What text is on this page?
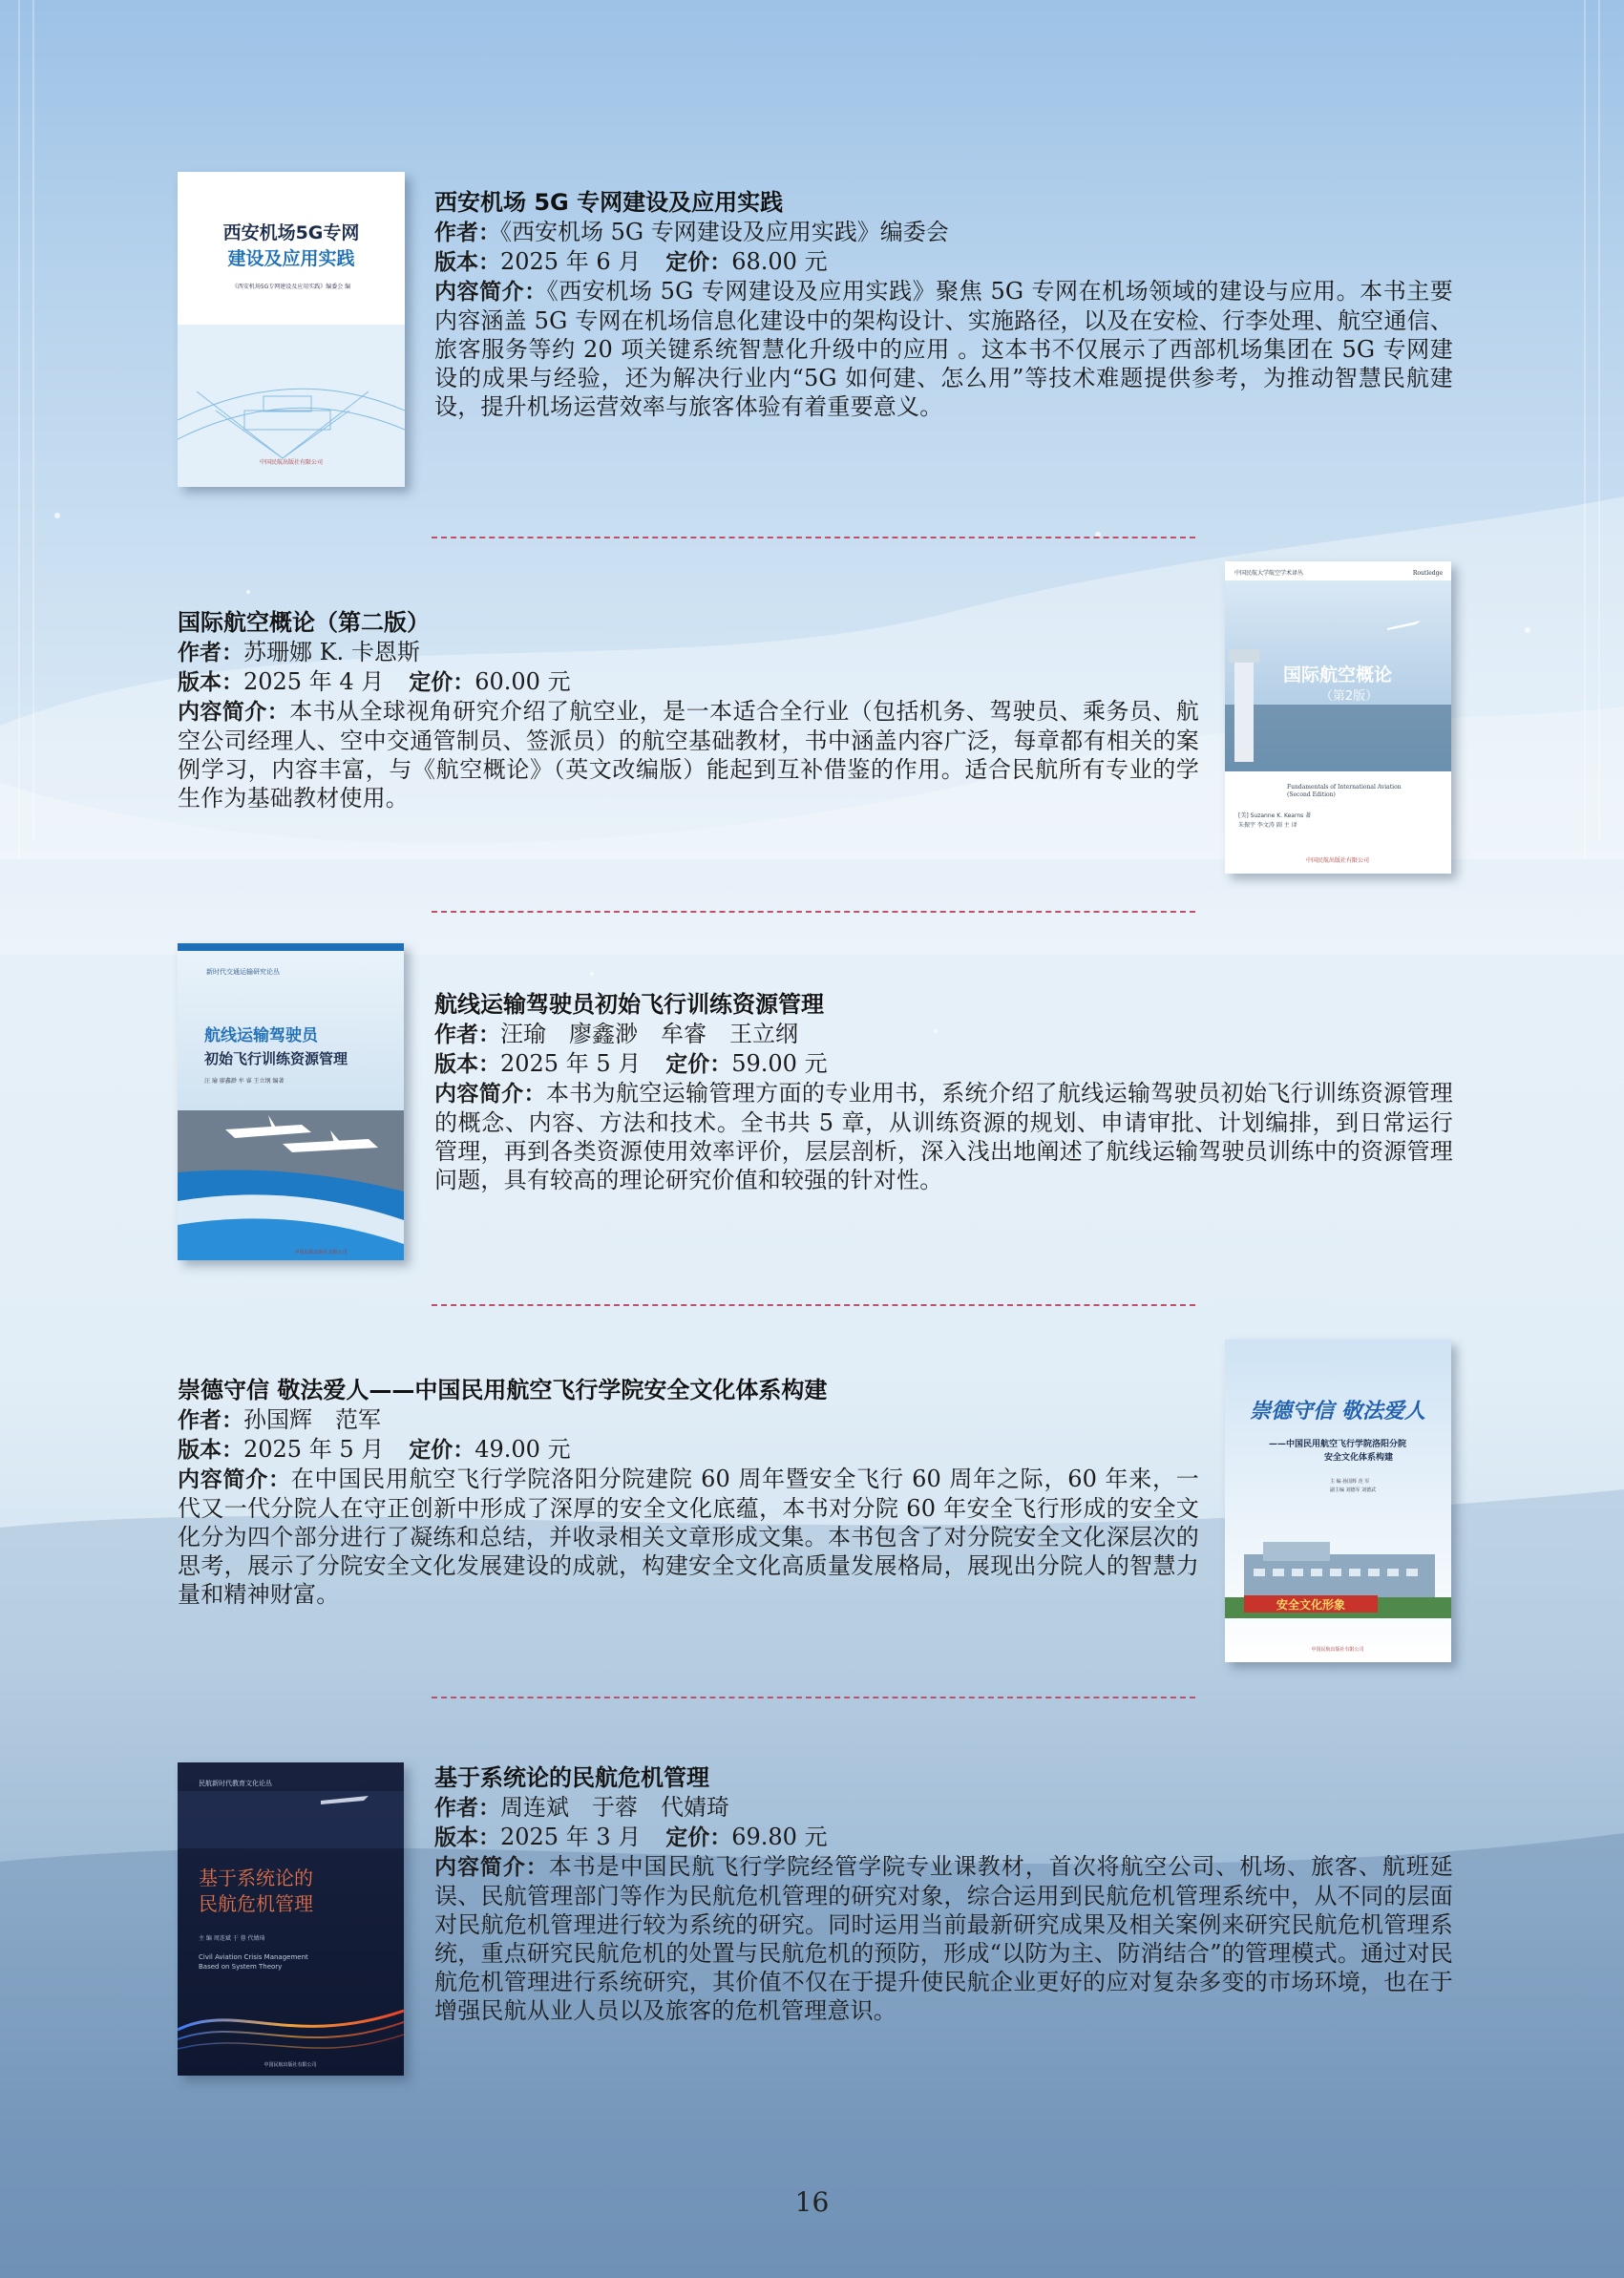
西安机场5G专网
建设及应用实践
《西安机场5G专网建设及应用实践》编委会 编
中国民航出版社有限公司
西安机场 5G 专网建设及应用实践
作者：《西安机场 5G 专网建设及应用实践》编委会
版本：2025 年 6 月 定价：68.00 元
内容简介：《西安机场 5G 专网建设及应用实践》聚焦 5G 专网在机场领域的建设与应用。本书主要内容涵盖 5G 专网在机场信息化建设中的架构设计、实施路径，以及在安检、行李处理、航空通信、旅客服务等约 20 项关键系统智慧化升级中的应用 。这本书不仅展示了西部机场集团在 5G 专网建设的成果与经验，还为解决行业内“5G 如何建、怎么用”等技术难题提供参考，为推动智慧民航建设，提升机场运营效率与旅客体验有着重要意义。
国际航空概论（第二版）
作者：苏珊娜 K. 卡恩斯
版本：2025 年 4 月 定价：60.00 元
内容简介：本书从全球视角研究介绍了航空业，是一本适合全行业（包括机务、驾驶员、乘务员、航空公司经理人、空中交通管制员、签派员）的航空基础教材，书中涵盖内容广泛，每章都有相关的案例学习，内容丰富，与《航空概论》（英文改编版）能起到互补借鉴的作用。适合民航所有专业的学生作为基础教材使用。
中国民航大学航空学术译丛	Routledge
国际航空概论
（第2版）
Fundamentals of International Aviation
(Second Edition)
[美] Suzanne K. Kearns 著
朱振宇 李文涛 副 主 译
中国民航出版社有限公司
新时代交通运输研究论丛
航线运输驾驶员
初始飞行训练资源管理
汪 瑜 廖鑫渺 牟 睿 王立纲 编著
中国民航出版社有限公司
航线运输驾驶员初始飞行训练资源管理
作者：汪瑜　廖鑫渺　牟睿　王立纲
版本：2025 年 5 月 定价：59.00 元
内容简介：本书为航空运输管理方面的专业用书，系统介绍了航线运输驾驶员初始飞行训练资源管理的概念、内容、方法和技术。全书共 5 章，从训练资源的规划、申请审批、计划编排，到日常运行管理，再到各类资源使用效率评价，层层剖析，深入浅出地阐述了航线运输驾驶员训练中的资源管理问题，具有较高的理论研究价值和较强的针对性。
崇德守信 敬法爱人——中国民用航空飞行学院安全文化体系构建
作者：孙国辉　范军
版本：2025 年 5 月 定价：49.00 元
内容简介：在中国民用航空飞行学院洛阳分院建院 60 周年暨安全飞行 60 周年之际，60 年来，一代又一代分院人在守正创新中形成了深厚的安全文化底蕴，本书对分院 60 年安全飞行形成的安全文化分为四个部分进行了凝练和总结，并收录相关文章形成文集。本书包含了对分院安全文化深层次的思考，展示了分院安全文化发展建设的成就，构建安全文化高质量发展格局，展现出分院人的智慧力量和精神财富。	安全文化形象
崇德守信 敬法爱人
——中国民用航空飞行学院洛阳分院
安全文化体系构建
主 编 孙国辉 范 军
副主编 刘德军 刘德武
中国民航出版社有限公司
民航新时代教育文化论丛
基于系统论的
民航危机管理
主 编 周连斌 于 蓉 代婧琦
Civil Aviation Crisis Management
Based on System Theory
中国民航出版社有限公司
基于系统论的民航危机管理
作者：周连斌　于蓉　代婧琦
版本：2025 年 3 月 定价：69.80 元
内容简介：本书是中国民航飞行学院经管学院专业课教材，首次将航空公司、机场、旅客、航班延误、民航管理部门等作为民航危机管理的研究对象，综合运用到民航危机管理系统中，从不同的层面对民航危机管理进行较为系统的研究。同时运用当前最新研究成果及相关案例来研究民航危机管理系统，重点研究民航危机的处置与民航危机的预防，形成“以防为主、防消结合”的管理模式。通过对民航危机管理进行系统研究，其价值不仅在于提升使民航企业更好的应对复杂多变的市场环境，也在于增强民航从业人员以及旅客的危机管理意识。
16
